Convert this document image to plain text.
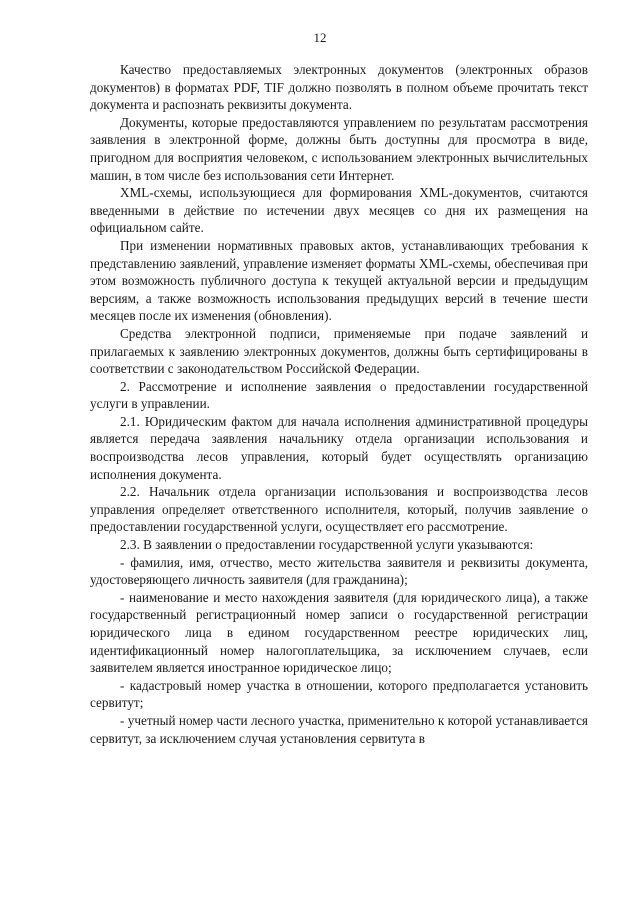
12

Качество предоставляемых электронных документов (электронных образов документов) в форматах PDF, TIF должно позволять в полном объеме прочитать текст документа и распознать реквизиты документа.

Документы, которые предоставляются управлением по результатам рассмотрения заявления в электронной форме, должны быть доступны для просмотра в виде, пригодном для восприятия человеком, с использованием электронных вычислительных машин, в том числе без использования сети Интернет.

XML-схемы, использующиеся для формирования XML-документов, считаются введенными в действие по истечении двух месяцев со дня их размещения на официальном сайте.

При изменении нормативных правовых актов, устанавливающих требования к представлению заявлений, управление изменяет форматы XML-схемы, обеспечивая при этом возможность публичного доступа к текущей актуальной версии и предыдущим версиям, а также возможность использования предыдущих версий в течение шести месяцев после их изменения (обновления).

Средства электронной подписи, применяемые при подаче заявлений и прилагаемых к заявлению электронных документов, должны быть сертифицированы в соответствии с законодательством Российской Федерации.

2. Рассмотрение и исполнение заявления о предоставлении государственной услуги в управлении.

2.1. Юридическим фактом для начала исполнения административной процедуры является передача заявления начальнику отдела организации использования и воспроизводства лесов управления, который будет осуществлять организацию исполнения документа.

2.2. Начальник отдела организации использования и воспроизводства лесов управления определяет ответственного исполнителя, который, получив заявление о предоставлении государственной услуги, осуществляет его рассмотрение.

2.3. В заявлении о предоставлении государственной услуги указываются:

- фамилия, имя, отчество, место жительства заявителя и реквизиты документа, удостоверяющего личность заявителя (для гражданина);

- наименование и место нахождения заявителя (для юридического лица), а также государственный регистрационный номер записи о государственной регистрации юридического лица в едином государственном реестре юридических лиц, идентификационный номер налогоплательщика, за исключением случаев, если заявителем является иностранное юридическое лицо;

- кадастровый номер участка в отношении, которого предполагается установить сервитут;

- учетный номер части лесного участка, применительно к которой устанавливается сервитут, за исключением случая установления сервитута в
